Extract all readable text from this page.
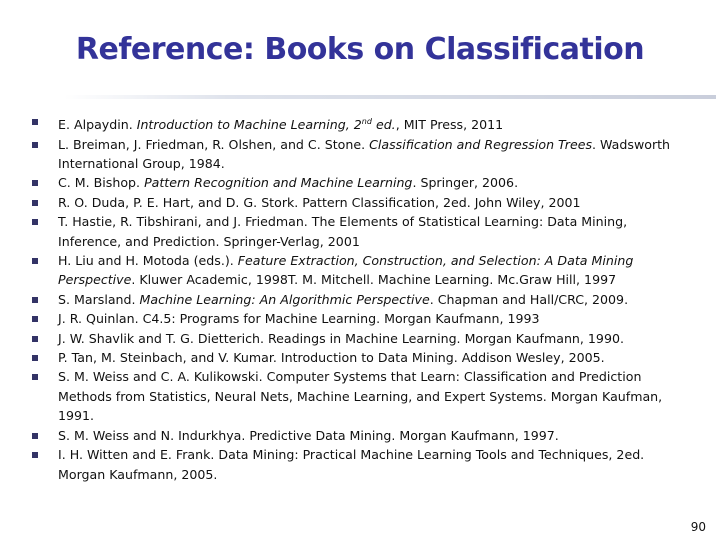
Reference: Books on Classification
E. Alpaydin. Introduction to Machine Learning, 2nd ed., MIT Press, 2011
L. Breiman, J. Friedman, R. Olshen, and C. Stone. Classification and Regression Trees. Wadsworth International Group, 1984.
C. M. Bishop. Pattern Recognition and Machine Learning. Springer, 2006.
R. O. Duda, P. E. Hart, and D. G. Stork. Pattern Classification, 2ed. John Wiley, 2001
T. Hastie, R. Tibshirani, and J. Friedman. The Elements of Statistical Learning: Data Mining, Inference, and Prediction. Springer-Verlag, 2001
H. Liu and H. Motoda (eds.). Feature Extraction, Construction, and Selection: A Data Mining Perspective. Kluwer Academic, 1998T. M. Mitchell. Machine Learning. Mc.Graw Hill, 1997
S. Marsland. Machine Learning: An Algorithmic Perspective. Chapman and Hall/CRC, 2009.
J. R. Quinlan. C4.5: Programs for Machine Learning. Morgan Kaufmann, 1993
J. W. Shavlik and T. G. Dietterich. Readings in Machine Learning. Morgan Kaufmann, 1990.
P. Tan, M. Steinbach, and V. Kumar. Introduction to Data Mining. Addison Wesley, 2005.
S. M. Weiss and C. A. Kulikowski. Computer Systems that Learn: Classification and Prediction Methods from Statistics, Neural Nets, Machine Learning, and Expert Systems. Morgan Kaufman, 1991.
S. M. Weiss and N. Indurkhya. Predictive Data Mining. Morgan Kaufmann, 1997.
I. H. Witten and E. Frank. Data Mining: Practical Machine Learning Tools and Techniques, 2ed. Morgan Kaufmann, 2005.
90
